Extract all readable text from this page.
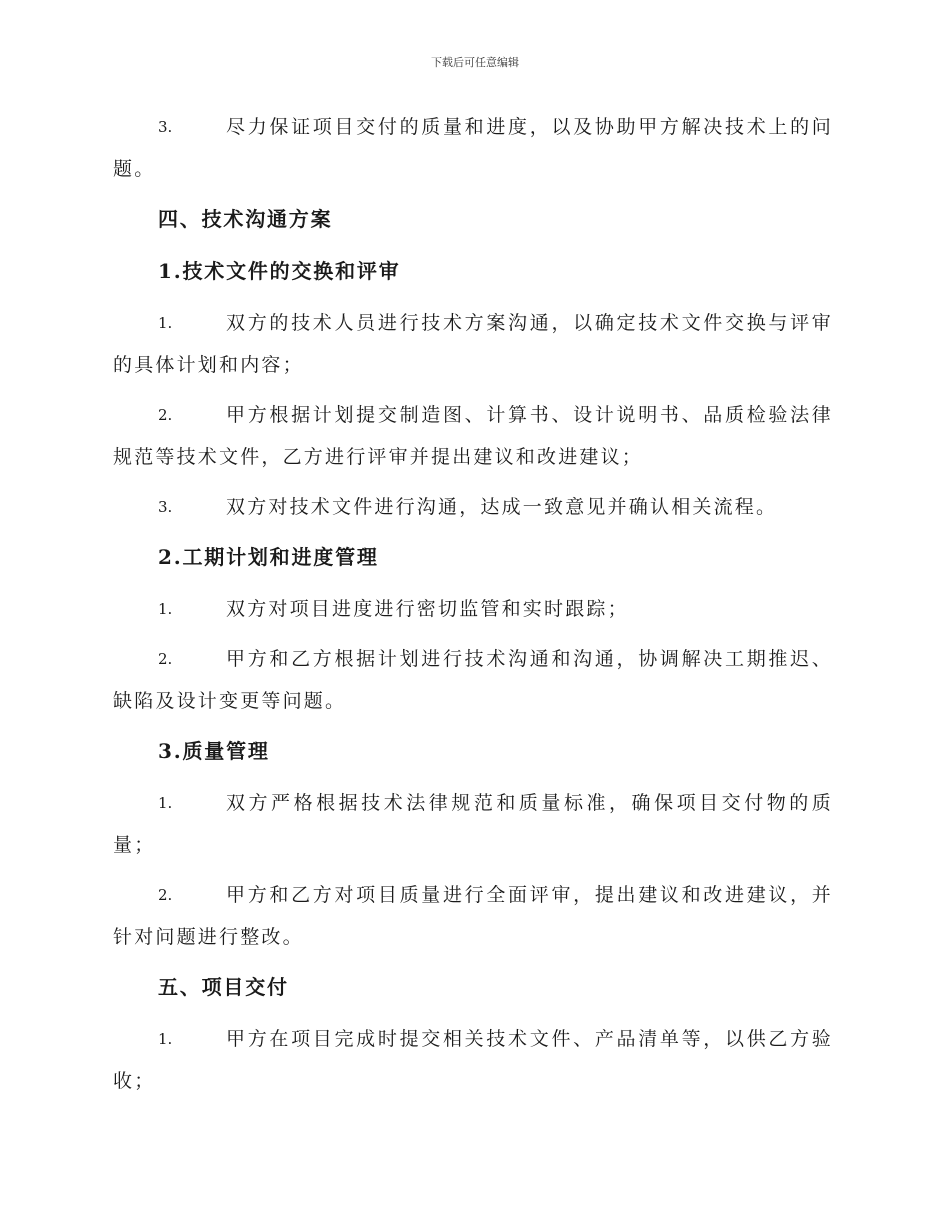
下载后可任意编辑
3.	尽力保证项目交付的质量和进度，以及协助甲方解决技术上的问题。
四、技术沟通方案
1.技术文件的交换和评审
1.	双方的技术人员进行技术方案沟通，以确定技术文件交换与评审的具体计划和内容；
2.	甲方根据计划提交制造图、计算书、设计说明书、品质检验法律规范等技术文件，乙方进行评审并提出建议和改进建议；
3.	双方对技术文件进行沟通，达成一致意见并确认相关流程。
2.工期计划和进度管理
1.	双方对项目进度进行密切监管和实时跟踪；
2.	甲方和乙方根据计划进行技术沟通和沟通，协调解决工期推迟、缺陷及设计变更等问题。
3.质量管理
1.	双方严格根据技术法律规范和质量标准，确保项目交付物的质量；
2.	甲方和乙方对项目质量进行全面评审，提出建议和改进建议，并针对问题进行整改。
五、项目交付
1.	甲方在项目完成时提交相关技术文件、产品清单等，以供乙方验收；
